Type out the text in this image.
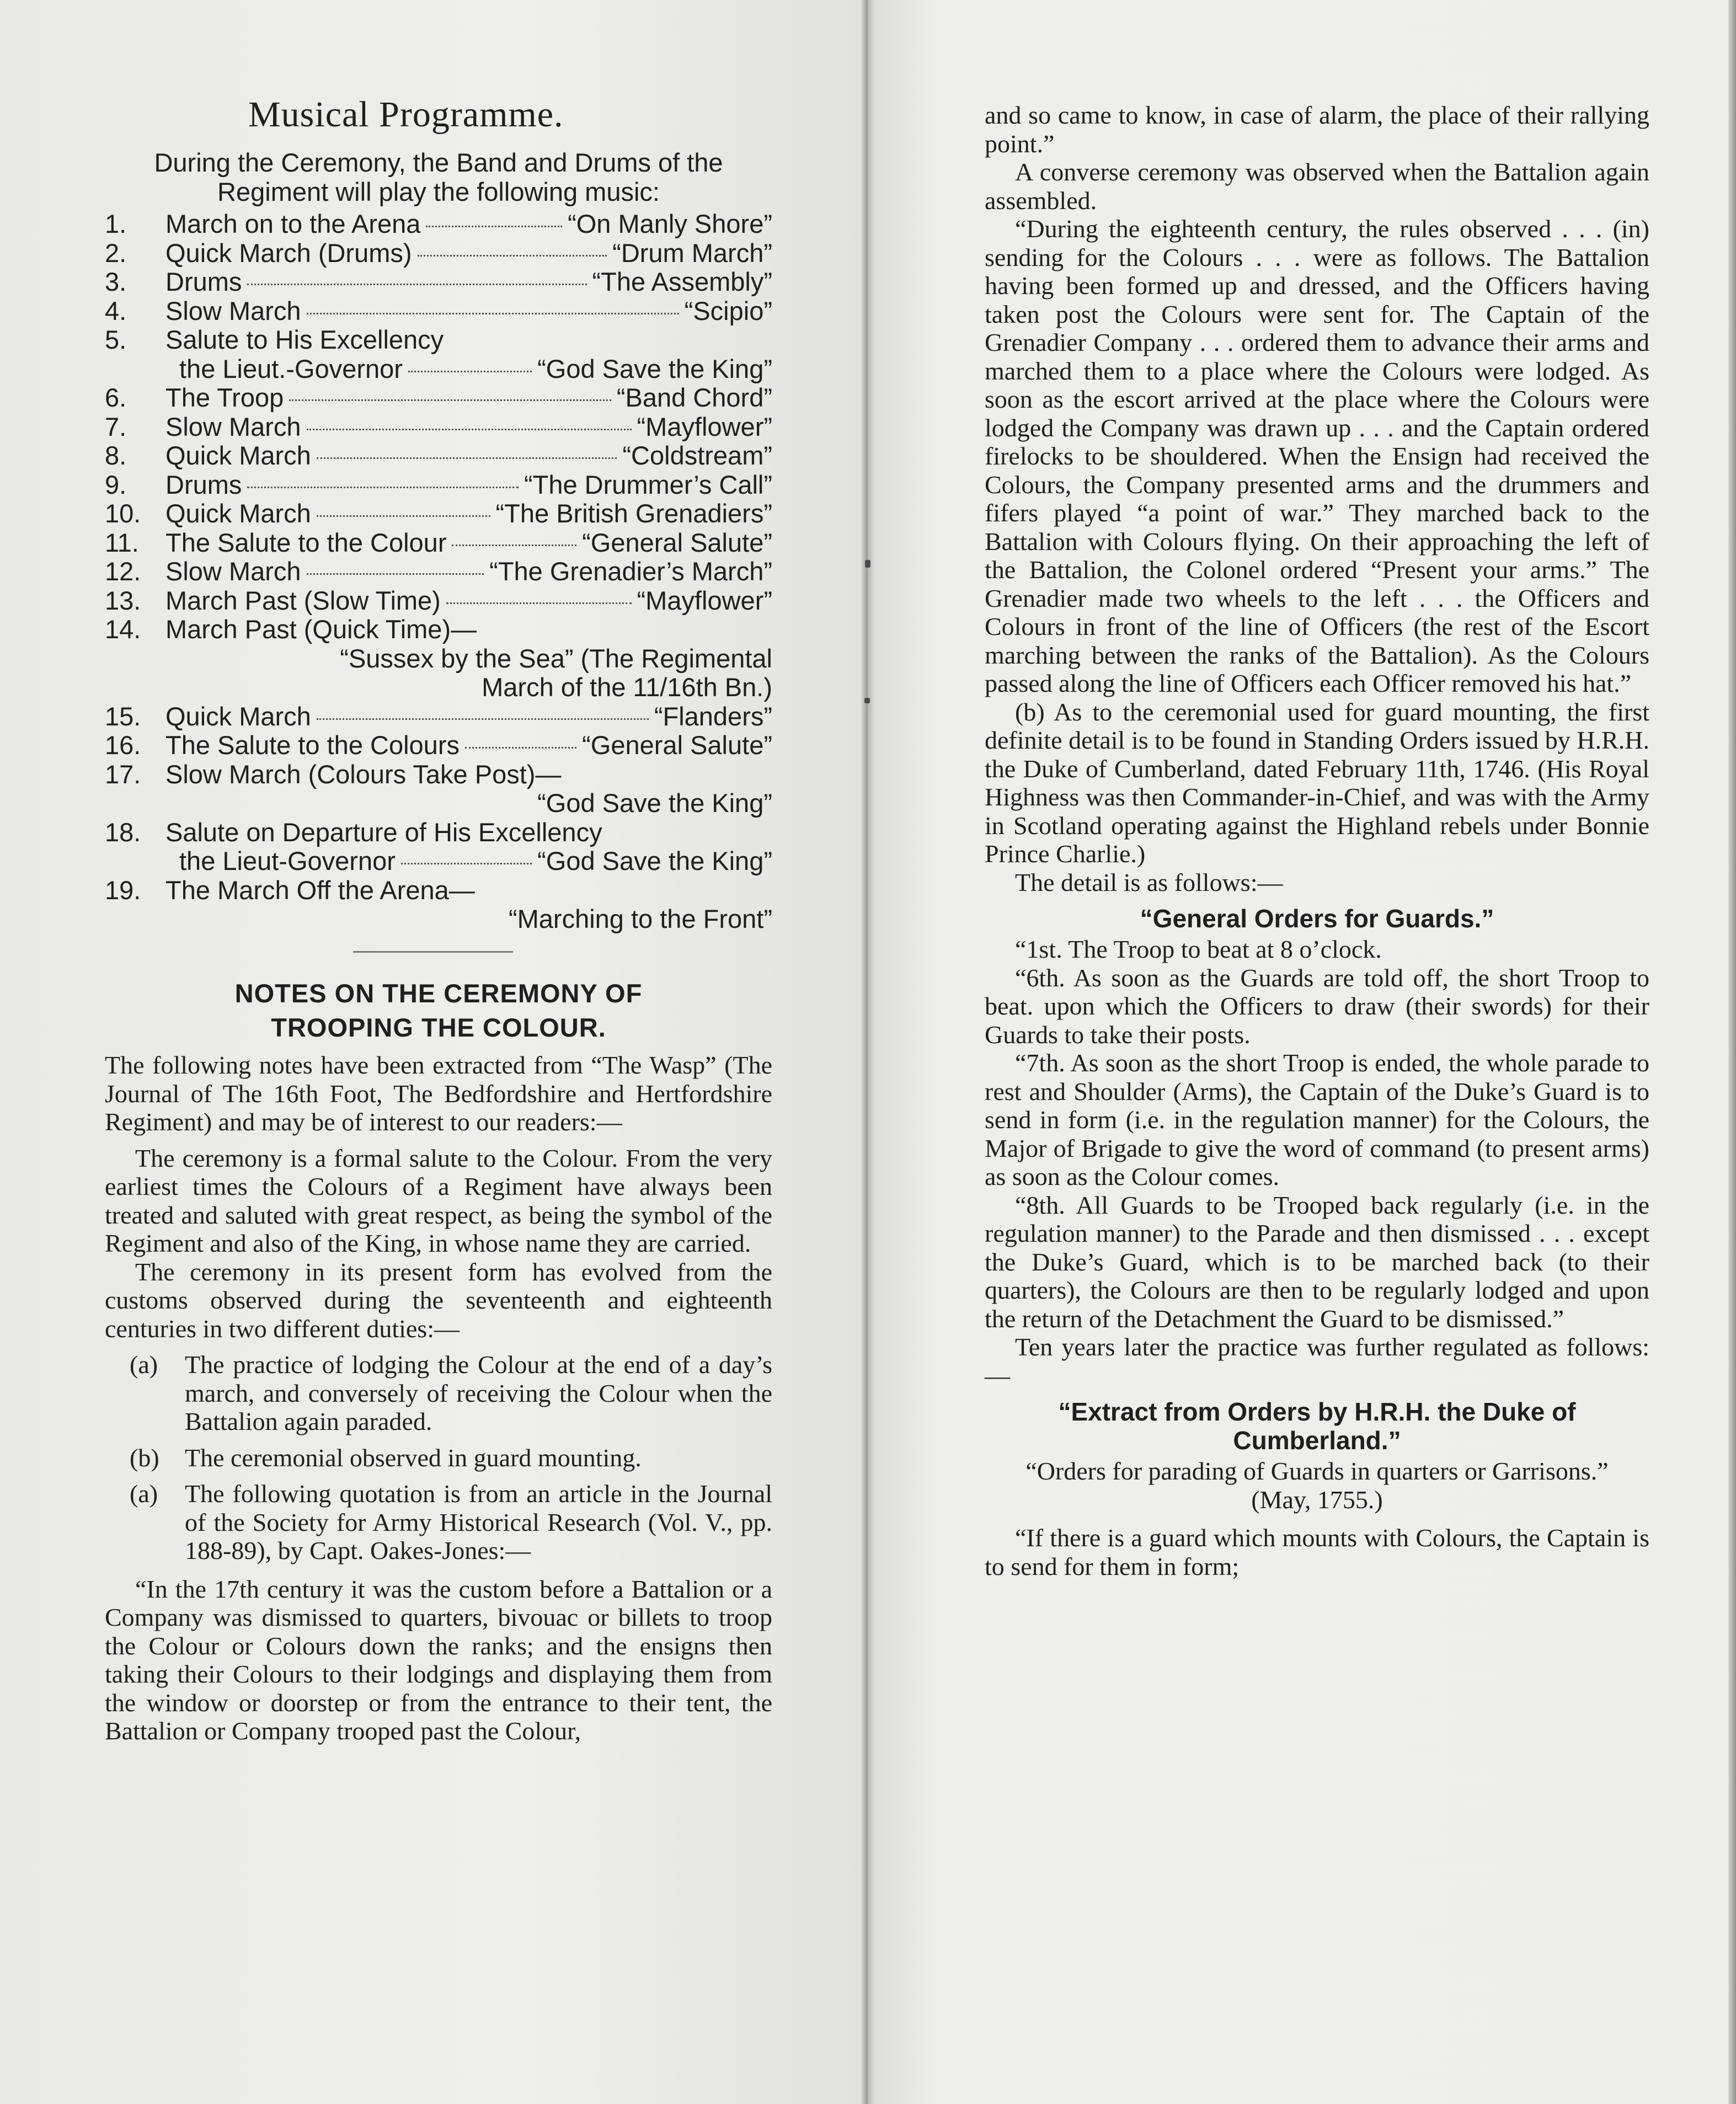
Musical Programme.
During the Ceremony, the Band and Drums of the Regiment will play the following music:
1.	March on to the Arena	“On Manly Shore”
2.	Quick March (Drums)	“Drum March”
3.	Drums	“The Assembly”
4.	Slow March	“Scipio”
5.	Salute to His Excellency
the Lieut.-Governor	“God Save the King”
6.	The Troop	“Band Chord”
7.	Slow March	“Mayflower”
8.	Quick March	“Coldstream”
9.	Drums	“The Drummer’s Call”
10. Quick March	“The British Grenadiers”
11.	The Salute to the Colour	“General Salute”
12. Slow March	“The Grenadier’s March”
13. March Past (Slow Time)	“Mayflower”
14. March Past (Quick Time)—
“Sussex by the Sea” (The Regimental
March of the 11/16th Bn.)
15. Quick March	“Flanders”
16. The Salute to the Colours	“General Salute”
17. Slow March (Colours Take Post)—
“God Save the King”
18. Salute on Departure of His Excellency
the Lieut-Governor	“God Save the King”
19. The March Off the Arena—
“Marching to the Front”
NOTES ON THE CEREMONY OF
TROOPING THE COLOUR.

The following notes have been extracted from “The Wasp” (The Journal of The 16th Foot, The Bedfordshire and Hertfordshire Regiment) and may be of interest to our readers:—

The ceremony is a formal salute to the Colour. From the very earliest times the Colours of a Regiment have always been treated and saluted with great respect, as being the symbol of the Regiment and also of the King, in whose name they are carried.

The ceremony in its present form has evolved from the customs observed during the seventeenth and eighteenth centuries in two different duties:—

(a)	The practice of lodging the Colour at the end of a day’s march, and conversely of receiving the Colour when the Battalion again paraded.
(b)	The ceremonial observed in guard mounting.
(a)	The following quotation is from an article in the Journal of the Society for Army Historical Research (Vol. V., pp. 188-89), by Capt. Oakes-Jones:—

“In the 17th century it was the custom before a Battalion or a Company was dismissed to quarters, bivouac or billets to troop the Colour or Colours down the ranks; and the ensigns then taking their Colours to their lodgings and displaying them from the window or doorstep or from the entrance to their tent, the Battalion or Company trooped past the Colour,

and so came to know, in case of alarm, the place of their rallying point.”

A converse ceremony was observed when the Battalion again assembled.

“During the eighteenth century, the rules observed . . . (in) sending for the Colours . . . were as follows. The Battalion having been formed up and dressed, and the Officers having taken post the Colours were sent for. The Captain of the Grenadier Company . . . ordered them to advance their arms and marched them to a place where the Colours were lodged. As soon as the escort arrived at the place where the Colours were lodged the Company was drawn up . . . and the Captain ordered firelocks to be shouldered. When the Ensign had received the Colours, the Company presented arms and the drummers and fifers played “a point of war.” They marched back to the Battalion with Colours flying. On their approaching the left of the Battalion, the Colonel ordered “Present your arms.” The Grenadier made two wheels to the left . . . the Officers and Colours in front of the line of Officers (the rest of the Escort marching between the ranks of the Battalion). As the Colours passed along the line of Officers each Officer removed his hat.”

(b) As to the ceremonial used for guard mounting, the first definite detail is to be found in Standing Orders issued by H.R.H. the Duke of Cumberland, dated February 11th, 1746. (His Royal Highness was then Commander-in-Chief, and was with the Army in Scotland operating against the Highland rebels under Bonnie Prince Charlie.)

The detail is as follows:—

“General Orders for Guards.”

“1st. The Troop to beat at 8 o’clock.

“6th. As soon as the Guards are told off, the short Troop to beat. upon which the Officers to draw (their swords) for their Guards to take their posts.

“7th. As soon as the short Troop is ended, the whole parade to rest and Shoulder (Arms), the Captain of the Duke’s Guard is to send in form (i.e. in the regulation manner) for the Colours, the Major of Brigade to give the word of command (to present arms) as soon as the Colour comes.

“8th. All Guards to be Trooped back regularly (i.e. in the regulation manner) to the Parade and then dismissed . . . except the Duke’s Guard, which is to be marched back (to their quarters), the Colours are then to be regularly lodged and upon the return of the Detachment the Guard to be dismissed.”

Ten years later the practice was further regulated as follows:—

“Extract from Orders by H.R.H. the Duke of Cumberland.”

“Orders for parading of Guards in quarters or Garrisons.”

(May, 1755.)

“If there is a guard which mounts with Colours, the Captain is to send for them in form;
